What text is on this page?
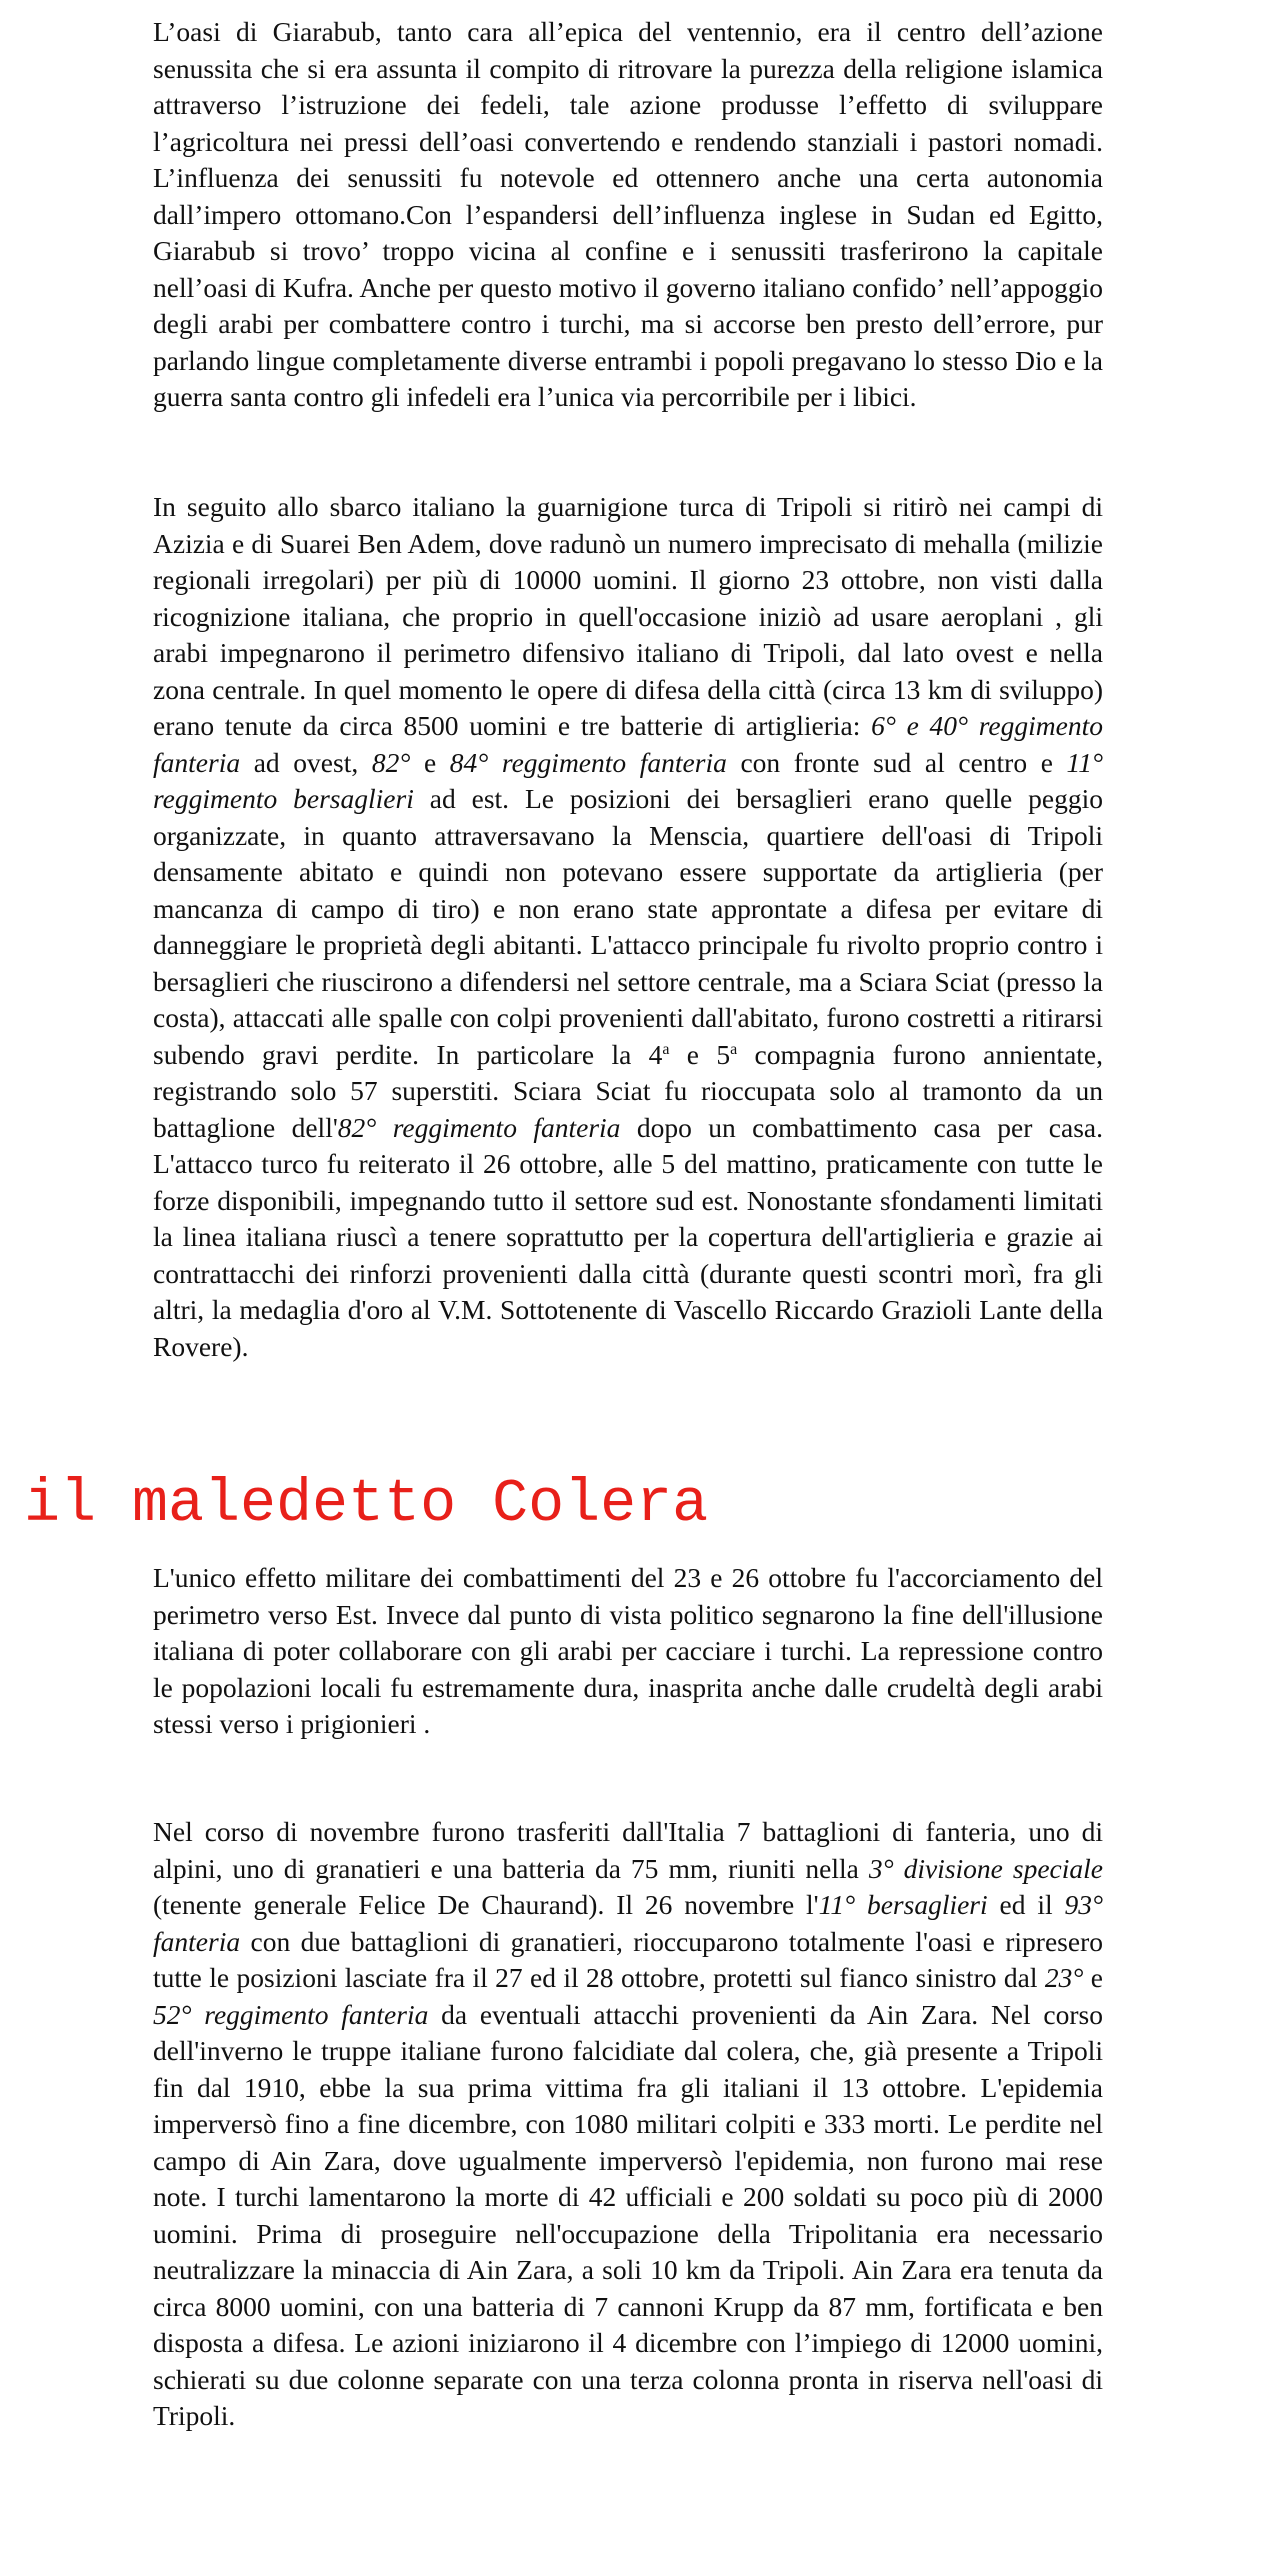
L’oasi di Giarabub, tanto cara all’epica del ventennio, era il centro dell’azione senussita che si era assunta il compito di ritrovare la purezza della religione islamica attraverso l’istruzione dei fedeli, tale azione produsse l’effetto di sviluppare l’agricoltura nei pressi dell’oasi convertendo e rendendo stanziali i pastori nomadi. L’influenza dei senussiti fu notevole ed ottennero anche una certa autonomia dall’impero ottomano.Con l’espandersi dell’influenza inglese in Sudan ed Egitto, Giarabub si trovo’ troppo vicina al confine e i senussiti trasferirono la capitale nell’oasi di Kufra. Anche per questo motivo il governo italiano confido’ nell’appoggio degli arabi per combattere contro i turchi, ma si accorse ben presto dell’errore, pur parlando lingue completamente diverse entrambi i popoli pregavano lo stesso Dio e la guerra santa contro gli infedeli era l’unica via percorribile per i libici.

In seguito allo sbarco italiano la guarnigione turca di Tripoli si ritirò nei campi di Azizia e di Suarei Ben Adem, dove radunò un numero imprecisato di mehalla (milizie regionali irregolari) per più di 10000 uomini. Il giorno 23 ottobre, non visti dalla ricognizione italiana, che proprio in quell'occasione iniziò ad usare aeroplani , gli arabi impegnarono il perimetro difensivo italiano di Tripoli, dal lato ovest e nella zona centrale. In quel momento le opere di difesa della città (circa 13 km di sviluppo) erano tenute da circa 8500 uomini e tre batterie di artiglieria: 6° e 40° reggimento fanteria ad ovest, 82° e 84° reggimento fanteria con fronte sud al centro e 11° reggimento bersaglieri ad est. Le posizioni dei bersaglieri erano quelle peggio organizzate, in quanto attraversavano la Menscia, quartiere dell'oasi di Tripoli densamente abitato e quindi non potevano essere supportate da artiglieria (per mancanza di campo di tiro) e non erano state approntate a difesa per evitare di danneggiare le proprietà degli abitanti. L'attacco principale fu rivolto proprio contro i bersaglieri che riuscirono a difendersi nel settore centrale, ma a Sciara Sciat (presso la costa), attaccati alle spalle con colpi provenienti dall'abitato, furono costretti a ritirarsi subendo gravi perdite. In particolare la 4$^a$ e 5$^a$ compagnia furono annientate, registrando solo 57 superstiti. Sciara Sciat fu rioccupata solo al tramonto da un battaglione dell'82° reggimento fanteria dopo un combattimento casa per casa. L'attacco turco fu reiterato il 26 ottobre, alle 5 del mattino, praticamente con tutte le forze disponibili, impegnando tutto il settore sud est. Nonostante sfondamenti limitati la linea italiana riuscì a tenere soprattutto per la copertura dell'artiglieria e grazie ai contrattacchi dei rinforzi provenienti dalla città (durante questi scontri morì, fra gli altri, la medaglia d'oro al V.M. Sottotenente di Vascello Riccardo Grazioli Lante della Rovere).

il maledetto Colera

L'unico effetto militare dei combattimenti del 23 e 26 ottobre fu l'accorciamento del perimetro verso Est. Invece dal punto di vista politico segnarono la fine dell'illusione italiana di poter collaborare con gli arabi per cacciare i turchi. La repressione contro le popolazioni locali fu estremamente dura, inasprita anche dalle crudeltà degli arabi stessi verso i prigionieri .

Nel corso di novembre furono trasferiti dall'Italia 7 battaglioni di fanteria, uno di alpini, uno di granatieri e una batteria da 75 mm, riuniti nella 3° divisione speciale (tenente generale Felice De Chaurand). Il 26 novembre l'11° bersaglieri ed il 93° fanteria con due battaglioni di granatieri, rioccuparono totalmente l'oasi e ripresero tutte le posizioni lasciate fra il 27 ed il 28 ottobre, protetti sul fianco sinistro dal 23° e 52° reggimento fanteria da eventuali attacchi provenienti da Ain Zara. Nel corso dell'inverno le truppe italiane furono falcidiate dal colera, che, già presente a Tripoli fin dal 1910, ebbe la sua prima vittima fra gli italiani il 13 ottobre. L'epidemia imperversò fino a fine dicembre, con 1080 militari colpiti e 333 morti. Le perdite nel campo di Ain Zara, dove ugualmente imperversò l'epidemia, non furono mai rese note. I turchi lamentarono la morte di 42 ufficiali e 200 soldati su poco più di 2000 uomini. Prima di proseguire nell'occupazione della Tripolitania era necessario neutralizzare la minaccia di Ain Zara, a soli 10 km da Tripoli. Ain Zara era tenuta da circa 8000 uomini, con una batteria di 7 cannoni Krupp da 87 mm, fortificata e ben disposta a difesa. Le azioni iniziarono il 4 dicembre con l’impiego di 12000 uomini, schierati su due colonne separate con una terza colonna pronta in riserva nell'oasi di Tripoli.
